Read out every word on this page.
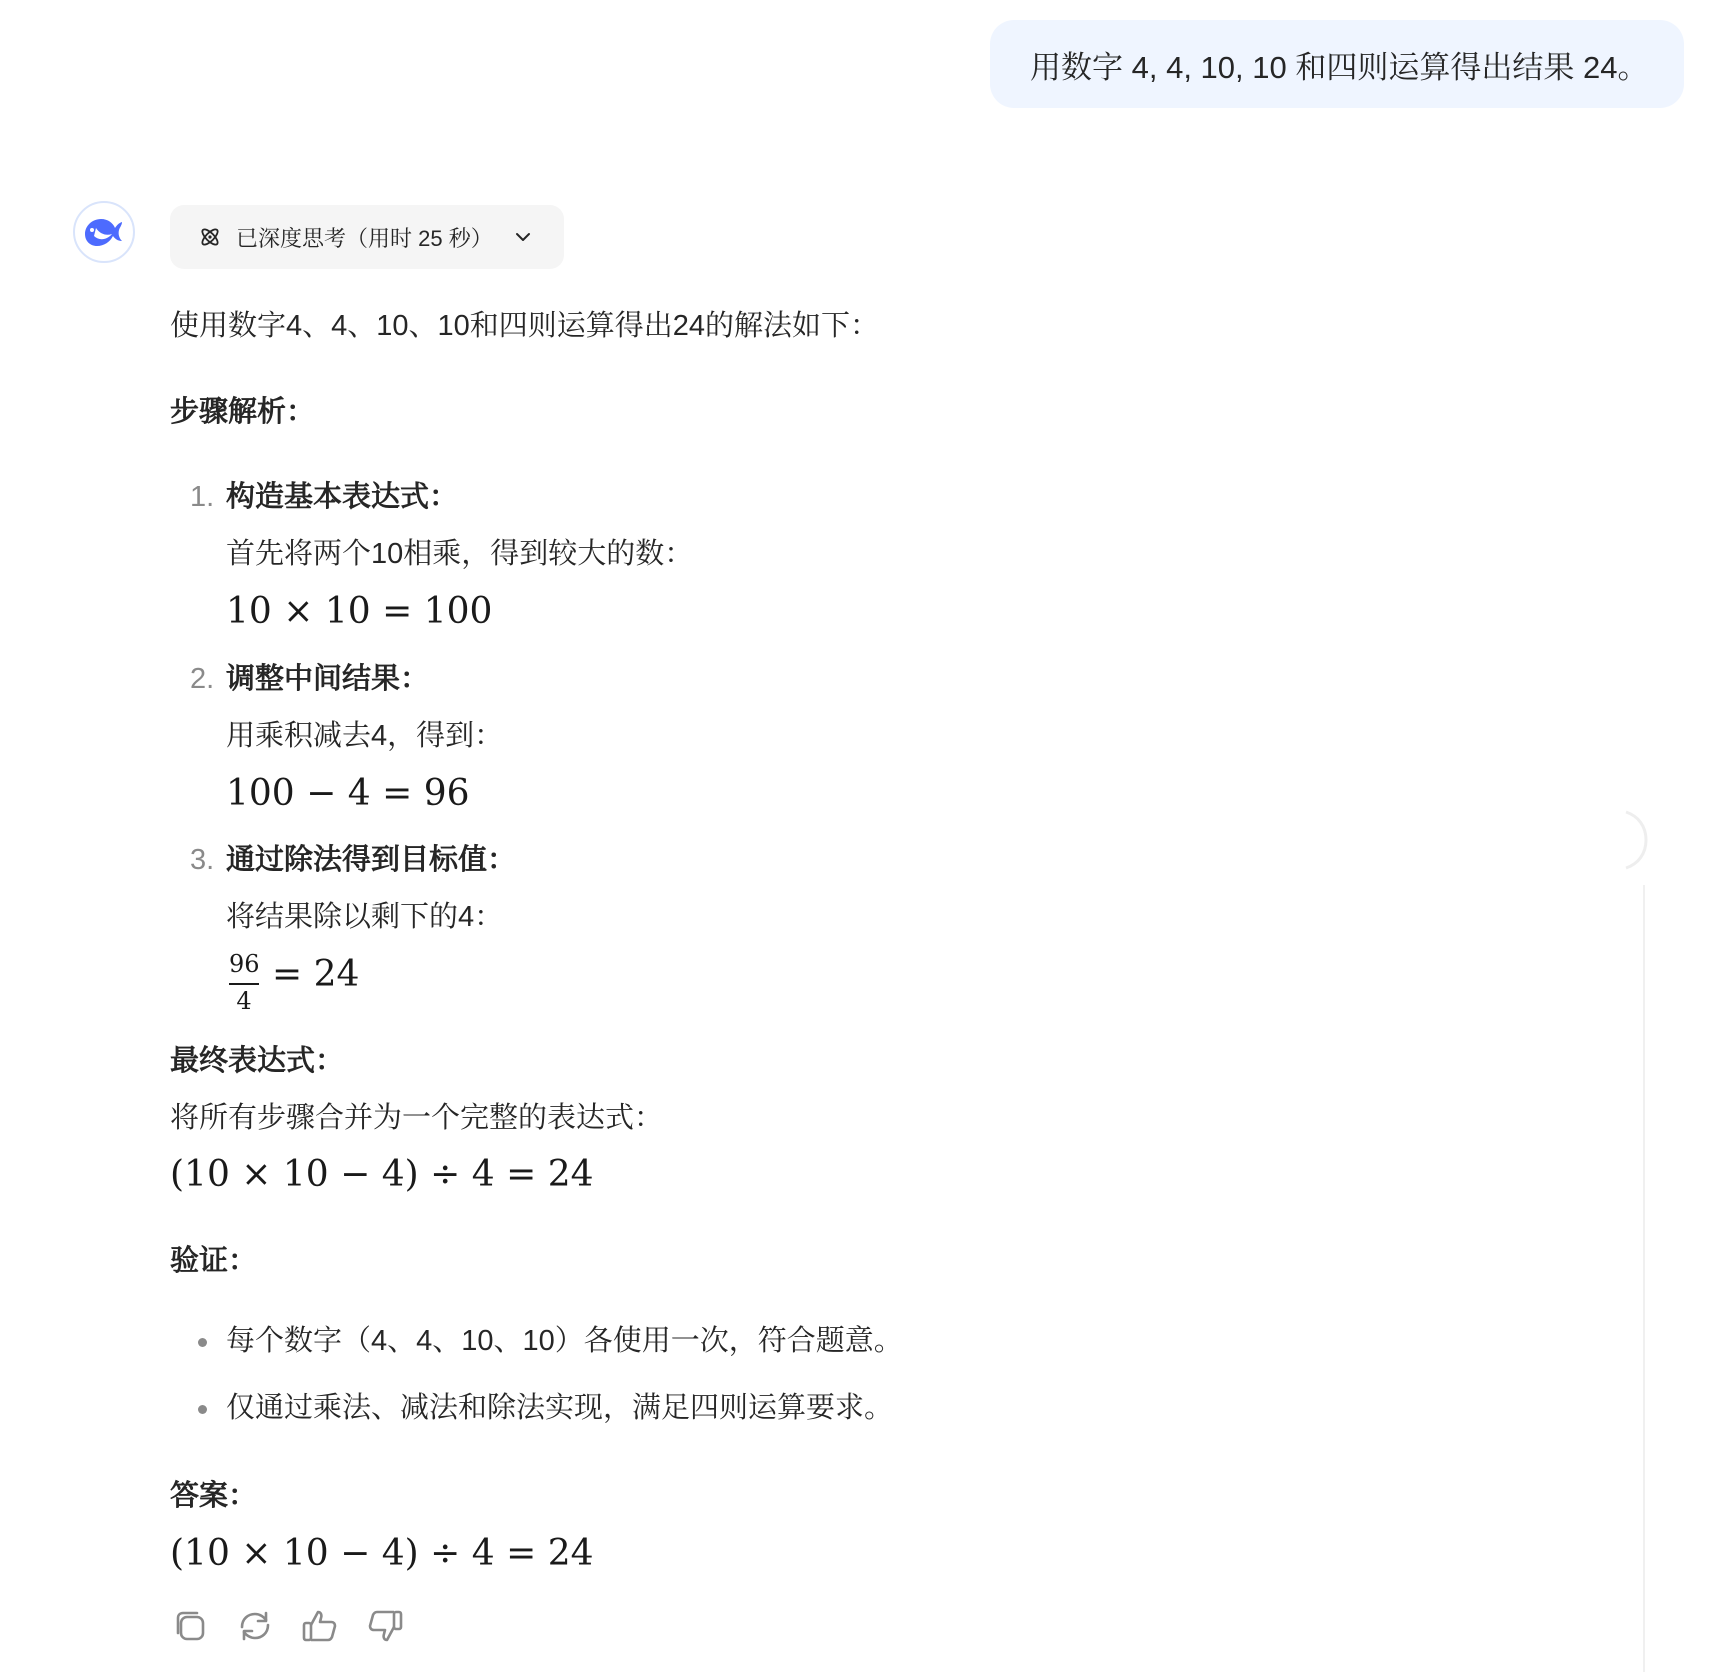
用数字 4, 4, 10, 10 和四则运算得出结果 24。
已深度思考（用时 25 秒）
使用数字4、4、10、10和四则运算得出24的解法如下：
步骤解析：
1. 构造基本表达式：
首先将两个10相乘，得到较大的数：
10 × 10 = 100
2. 调整中间结果：
用乘积减去4，得到：
100 − 4 = 96
3. 通过除法得到目标值：
将结果除以剩下的4：
96
4
= 24
最终表达式：
将所有步骤合并为一个完整的表达式：
(10 × 10 − 4) ÷ 4 = 24
验证：
每个数字（4、4、10、10）各使用一次，符合题意。
仅通过乘法、减法和除法实现，满足四则运算要求。
答案：
(10 × 10 − 4) ÷ 4 = 24
